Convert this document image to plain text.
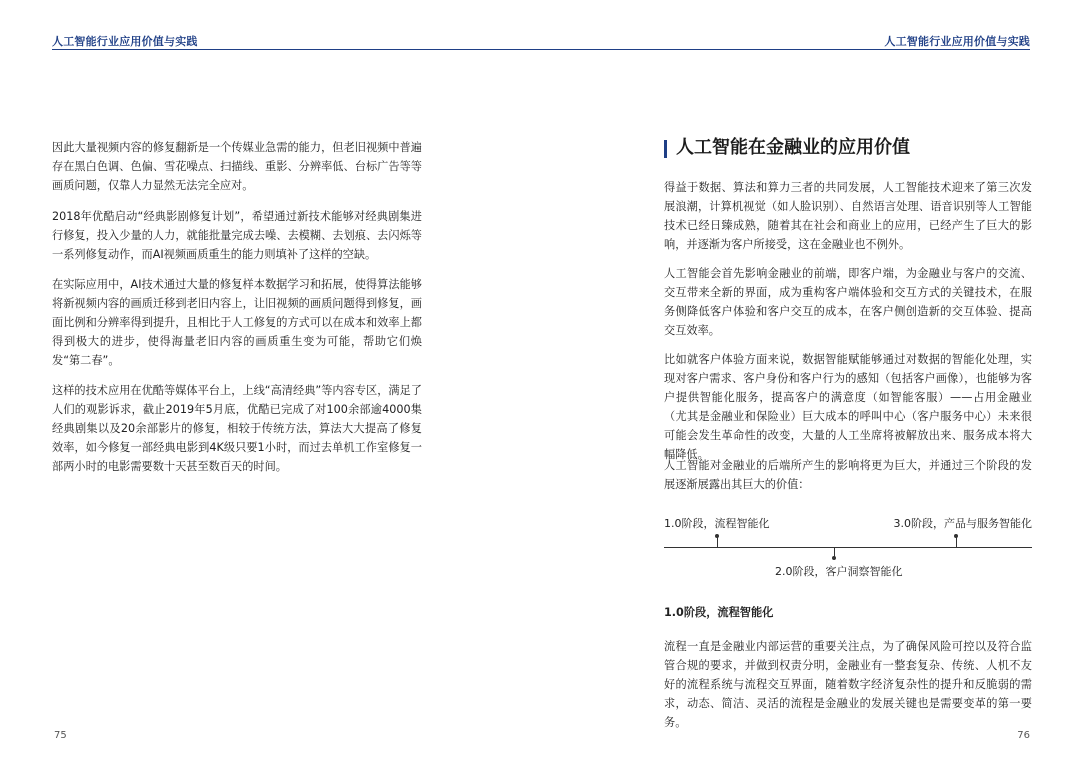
人工智能行业应用价值与实践

因此大量视频内容的修复翻新是一个传媒业急需的能力，但老旧视频中普遍存在黑白色调、色偏、雪花噪点、扫描线、重影、分辨率低、台标广告等等画质问题，仅靠人力显然无法完全应对。

2018年优酷启动“经典影剧修复计划”，希望通过新技术能够对经典剧集进行修复，投入少量的人力，就能批量完成去噪、去模糊、去划痕、去闪烁等一系列修复动作，而AI视频画质重生的能力则填补了这样的空缺。

在实际应用中，AI技术通过大量的修复样本数据学习和拓展，使得算法能够将新视频内容的画质迁移到老旧内容上，让旧视频的画质问题得到修复，画面比例和分辨率得到提升，且相比于人工修复的方式可以在成本和效率上都得到极大的进步，使得海量老旧内容的画质重生变为可能，帮助它们焕发“第二春”。

这样的技术应用在优酷等媒体平台上，上线“高清经典”等内容专区，满足了人们的观影诉求，截止2019年5月底，优酷已完成了对100余部逾4000集经典剧集以及20余部影片的修复，相较于传统方法，算法大大提高了修复效率，如今修复一部经典电影到4K级只要1小时，而过去单机工作室修复一部两小时的电影需要数十天甚至数百天的时间。

75
人工智能行业应用价值与实践
人工智能在金融业的应用价值

得益于数据、算法和算力三者的共同发展，人工智能技术迎来了第三次发展浪潮，计算机视觉（如人脸识别）、自然语言处理、语音识别等人工智能技术已经日臻成熟，随着其在社会和商业上的应用，已经产生了巨大的影响，并逐渐为客户所接受，这在金融业也不例外。

人工智能会首先影响金融业的前端，即客户端，为金融业与客户的交流、交互带来全新的界面，成为重构客户端体验和交互方式的关键技术，在服务侧降低客户体验和客户交互的成本，在客户侧创造新的交互体验、提高交互效率。

比如就客户体验方面来说，数据智能赋能够通过对数据的智能化处理，实现对客户需求、客户身份和客户行为的感知（包括客户画像），也能够为客户提供智能化服务，提高客户的满意度（如智能客服）——占用金融业（尤其是金融业和保险业）巨大成本的呼叫中心（客户服务中心）未来很可能会发生革命性的改变，大量的人工坐席将被解放出来、服务成本将大幅降低。

人工智能对金融业的后端所产生的影响将更为巨大，并通过三个阶段的发展逐渐展露出其巨大的价值：

1.0阶段，流程智能化	3.0阶段，产品与服务智能化
2.0阶段，客户洞察智能化
1.0阶段，流程智能化

流程一直是金融业内部运营的重要关注点，为了确保风险可控以及符合监管合规的要求，并做到权责分明，金融业有一整套复杂、传统、人机不友好的流程系统与流程交互界面，随着数字经济复杂性的提升和反脆弱的需求，动态、简洁、灵活的流程是金融业的发展关键也是需要变革的第一要务。

76
